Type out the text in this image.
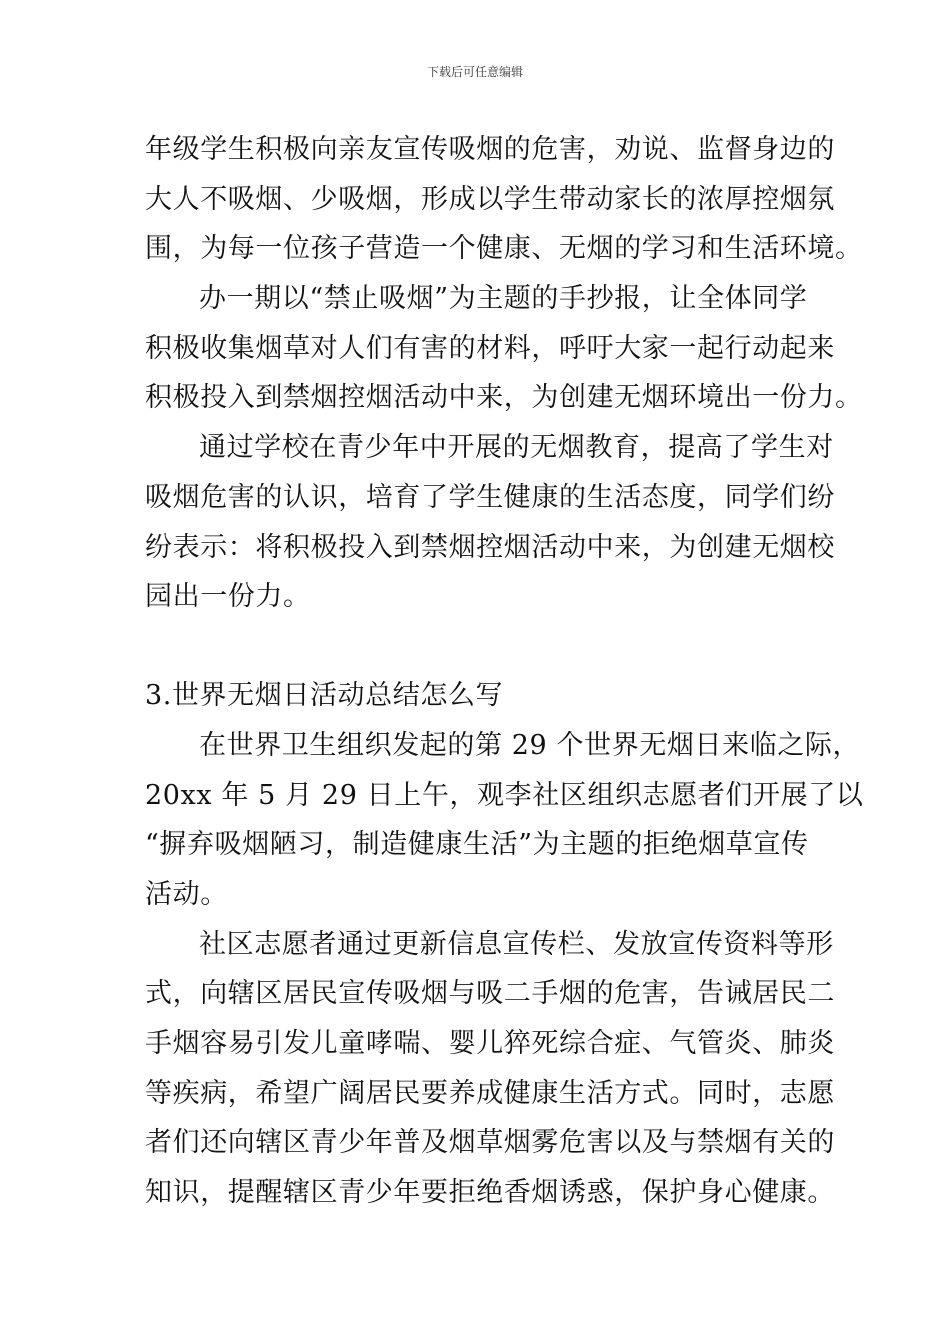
下载后可任意编辑
年级学生积极向亲友宣传吸烟的危害，劝说、监督身边的
大人不吸烟、少吸烟，形成以学生带动家长的浓厚控烟氛
围，为每一位孩子营造一个健康、无烟的学习和生活环境。
办一期以“禁止吸烟”为主题的手抄报，让全体同学
积极收集烟草对人们有害的材料，呼吁大家一起行动起来
积极投入到禁烟控烟活动中来，为创建无烟环境出一份力。
通过学校在青少年中开展的无烟教育，提高了学生对
吸烟危害的认识，培育了学生健康的生活态度，同学们纷
纷表示：将积极投入到禁烟控烟活动中来，为创建无烟校
园出一份力。
3.世界无烟日活动总结怎么写
在世界卫生组织发起的第 29 个世界无烟日来临之际，
20xx 年 5 月 29 日上午，观李社区组织志愿者们开展了以
“摒弃吸烟陋习，制造健康生活”为主题的拒绝烟草宣传
活动。
社区志愿者通过更新信息宣传栏、发放宣传资料等形
式，向辖区居民宣传吸烟与吸二手烟的危害，告诫居民二
手烟容易引发儿童哮喘、婴儿猝死综合症、气管炎、肺炎
等疾病，希望广阔居民要养成健康生活方式。同时，志愿
者们还向辖区青少年普及烟草烟雾危害以及与禁烟有关的
知识，提醒辖区青少年要拒绝香烟诱惑，保护身心健康。
